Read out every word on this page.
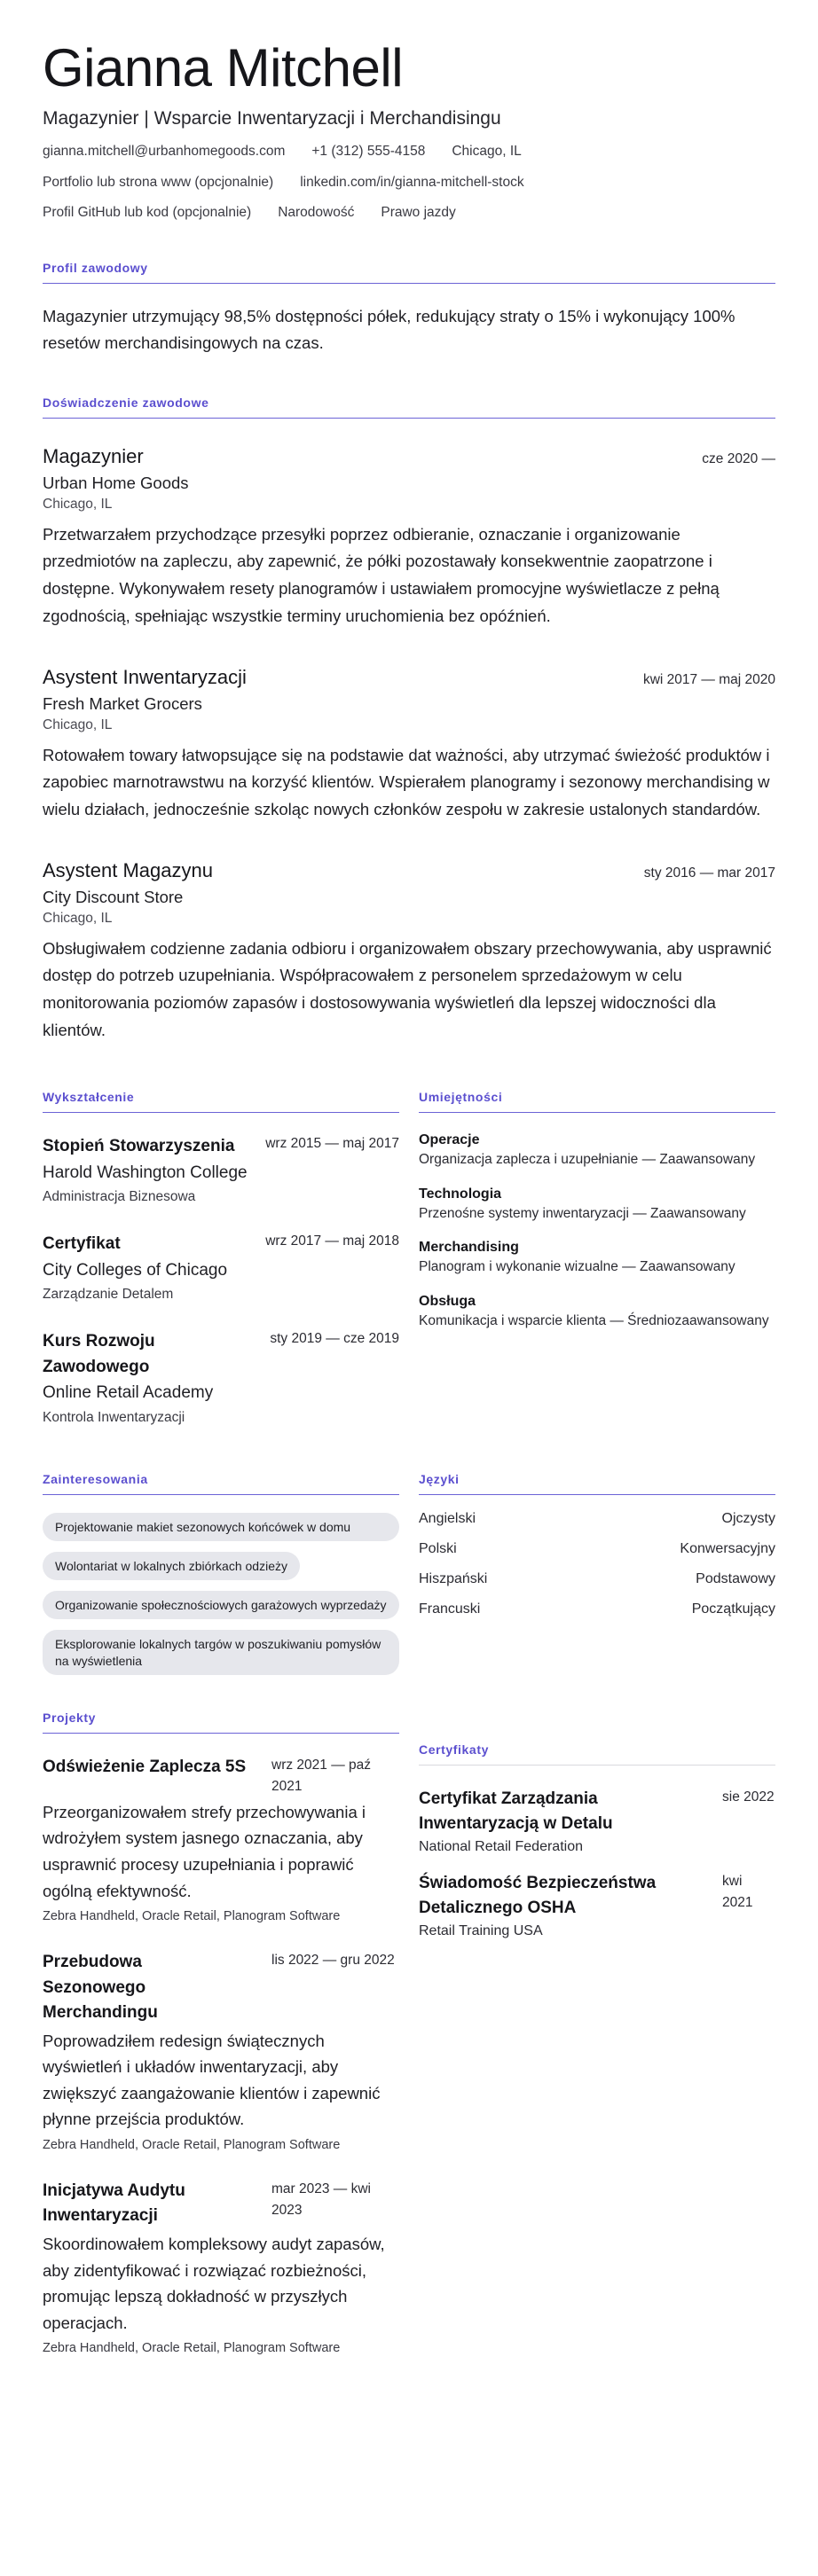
Gianna Mitchell
Magazynier | Wsparcie Inwentaryzacji i Merchandisingu
gianna.mitchell@urbanhomegoods.com +1 (312) 555-4158 Chicago, IL
Portfolio lub strona www (opcjonalnie) linkedin.com/in/gianna-mitchell-stock
Profil GitHub lub kod (opcjonalnie) Narodowość Prawo jazdy
Profil zawodowy

Magazynier utrzymujący 98,5% dostępności półek, redukujący straty o 15% i wykonujący 100% resetów merchandisingowych na czas.

Doświadczenie zawodowe
Magazynier	cze 2020 —
Urban Home Goods
Chicago, IL

Przetwarzałem przychodzące przesyłki poprzez odbieranie, oznaczanie i organizowanie przedmiotów na zapleczu, aby zapewnić, że półki pozostawały konsekwentnie zaopatrzone i dostępne. Wykonywałem resety planogramów i ustawiałem promocyjne wyświetlacze z pełną zgodnością, spełniając wszystkie terminy uruchomienia bez opóźnień.

Asystent Inwentaryzacji	kwi 2017 — maj 2020
Fresh Market Grocers
Chicago, IL

Rotowałem towary łatwopsujące się na podstawie dat ważności, aby utrzymać świeżość produktów i zapobiec marnotrawstwu na korzyść klientów. Wspierałem planogramy i sezonowy merchandising w wielu działach, jednocześnie szkoląc nowych członków zespołu w zakresie ustalonych standardów.

Asystent Magazynu	sty 2016 — mar 2017
City Discount Store
Chicago, IL

Obsługiwałem codzienne zadania odbioru i organizowałem obszary przechowywania, aby usprawnić dostęp do potrzeb uzupełniania. Współpracowałem z personelem sprzedażowym w celu monitorowania poziomów zapasów i dostosowywania wyświetleń dla lepszej widoczności dla klientów.

Wykształcenie
Stopień Stowarzyszenia wrz 2015 — maj 2017
Harold Washington College
Administracja Biznesowa
Certyfikat	wrz 2017 — maj 2018
City Colleges of Chicago
Zarządzanie Detalem
Kurs Rozwoju Zawodowego
sty 2019 — cze 2019
Online Retail Academy
Kontrola Inwentaryzacji
Umiejętności
Operacje
Organizacja zaplecza i uzupełnianie — Zaawansowany
Technologia
Przenośne systemy inwentaryzacji — Zaawansowany
Merchandising
Planogram i wykonanie wizualne — Zaawansowany
Obsługa
Komunikacja i wsparcie klienta — Średniozaawansowany
Zainteresowania
Projektowanie makiet sezonowych końcówek w domu
Wolontariat w lokalnych zbiórkach odzieży
Organizowanie społecznościowych garażowych wyprzedaży
Eksplorowanie lokalnych targów w poszukiwaniu pomysłów na wyświetlenia
Języki
Angielski	Ojczysty
Polski	Konwersacyjny
Hiszpański	Podstawowy
Francuski	Początkujący
Projekty
Odświeżenie Zaplecza 5S	wrz 2021 — paź 2021

Przeorganizowałem strefy przechowywania i wdrożyłem system jasnego oznaczania, aby usprawnić procesy uzupełniania i poprawić ogólną efektywność.

Zebra Handheld, Oracle Retail, Planogram Software
Przebudowa Sezonowego Merchandingu
lis 2022 — gru 2022

Poprowadziłem redesign świątecznych wyświetleń i układów inwentaryzacji, aby zwiększyć zaangażowanie klientów i zapewnić płynne przejścia produktów.

Zebra Handheld, Oracle Retail, Planogram Software
Inicjatywa Audytu Inwentaryzacji
mar 2023 — kwi 2023

Skoordinowałem kompleksowy audyt zapasów, aby zidentyfikować i rozwiązać rozbieżności, promując lepszą dokładność w przyszłych operacjach.

Zebra Handheld, Oracle Retail, Planogram Software
Certyfikaty
Certyfikat Zarządzania Inwentaryzacją w Detalu
sie 2022
National Retail Federation
Świadomość Bezpieczeństwa Detalicznego OSHA
kwi 2021
Retail Training USA
